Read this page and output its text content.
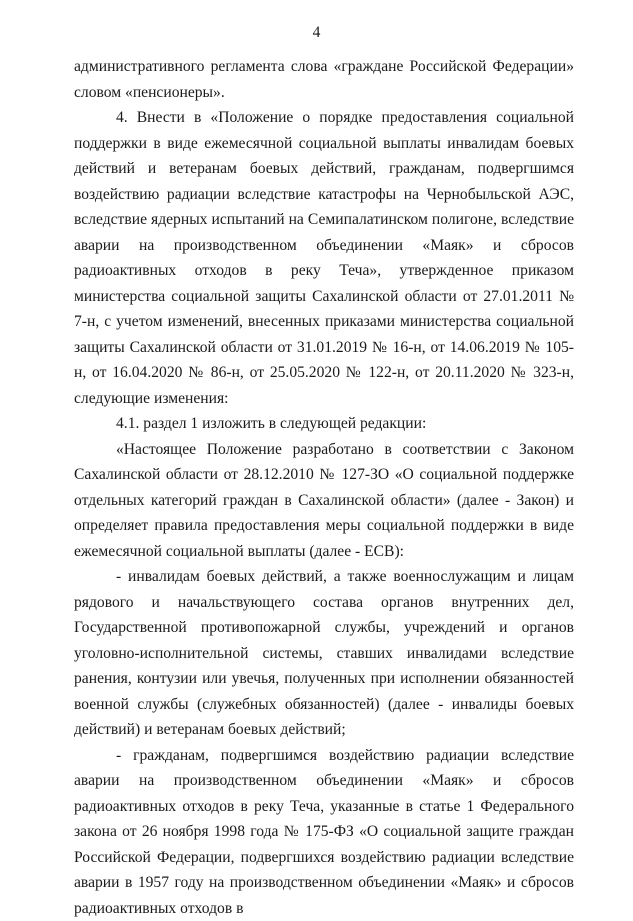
4

административного регламента слова «граждане Российской Федерации» словом «пенсионеры».

4. Внести в «Положение о порядке предоставления социальной поддержки в виде ежемесячной социальной выплаты инвалидам боевых действий и ветеранам боевых действий, гражданам, подвергшимся воздействию радиации вследствие катастрофы на Чернобыльской АЭС, вследствие ядерных испытаний на Семипалатинском полигоне, вследствие аварии на производственном объединении «Маяк» и сбросов радиоактивных отходов в реку Теча», утвержденное приказом министерства социальной защиты Сахалинской области от 27.01.2011 № 7-н, с учетом изменений, внесенных приказами министерства социальной защиты Сахалинской области от 31.01.2019 № 16-н, от 14.06.2019 № 105-н, от 16.04.2020 № 86-н, от 25.05.2020 № 122-н, от 20.11.2020 № 323-н, следующие изменения:

4.1. раздел 1 изложить в следующей редакции:

«Настоящее Положение разработано в соответствии с Законом Сахалинской области от 28.12.2010 № 127-ЗО «О социальной поддержке отдельных категорий граждан в Сахалинской области» (далее - Закон) и определяет правила предоставления меры социальной поддержки в виде ежемесячной социальной выплаты (далее - ЕСВ):

- инвалидам боевых действий, а также военнослужащим и лицам рядового и начальствующего состава органов внутренних дел, Государственной противопожарной службы, учреждений и органов уголовно-исполнительной системы, ставших инвалидами вследствие ранения, контузии или увечья, полученных при исполнении обязанностей военной службы (служебных обязанностей) (далее - инвалиды боевых действий) и ветеранам боевых действий;

- гражданам, подвергшимся воздействию радиации вследствие аварии на производственном объединении «Маяк» и сбросов радиоактивных отходов в реку Теча, указанные в статье 1 Федерального закона от 26 ноября 1998 года № 175-ФЗ «О социальной защите граждан Российской Федерации, подвергшихся воздействию радиации вследствие аварии в 1957 году на производственном объединении «Маяк» и сбросов радиоактивных отходов в
